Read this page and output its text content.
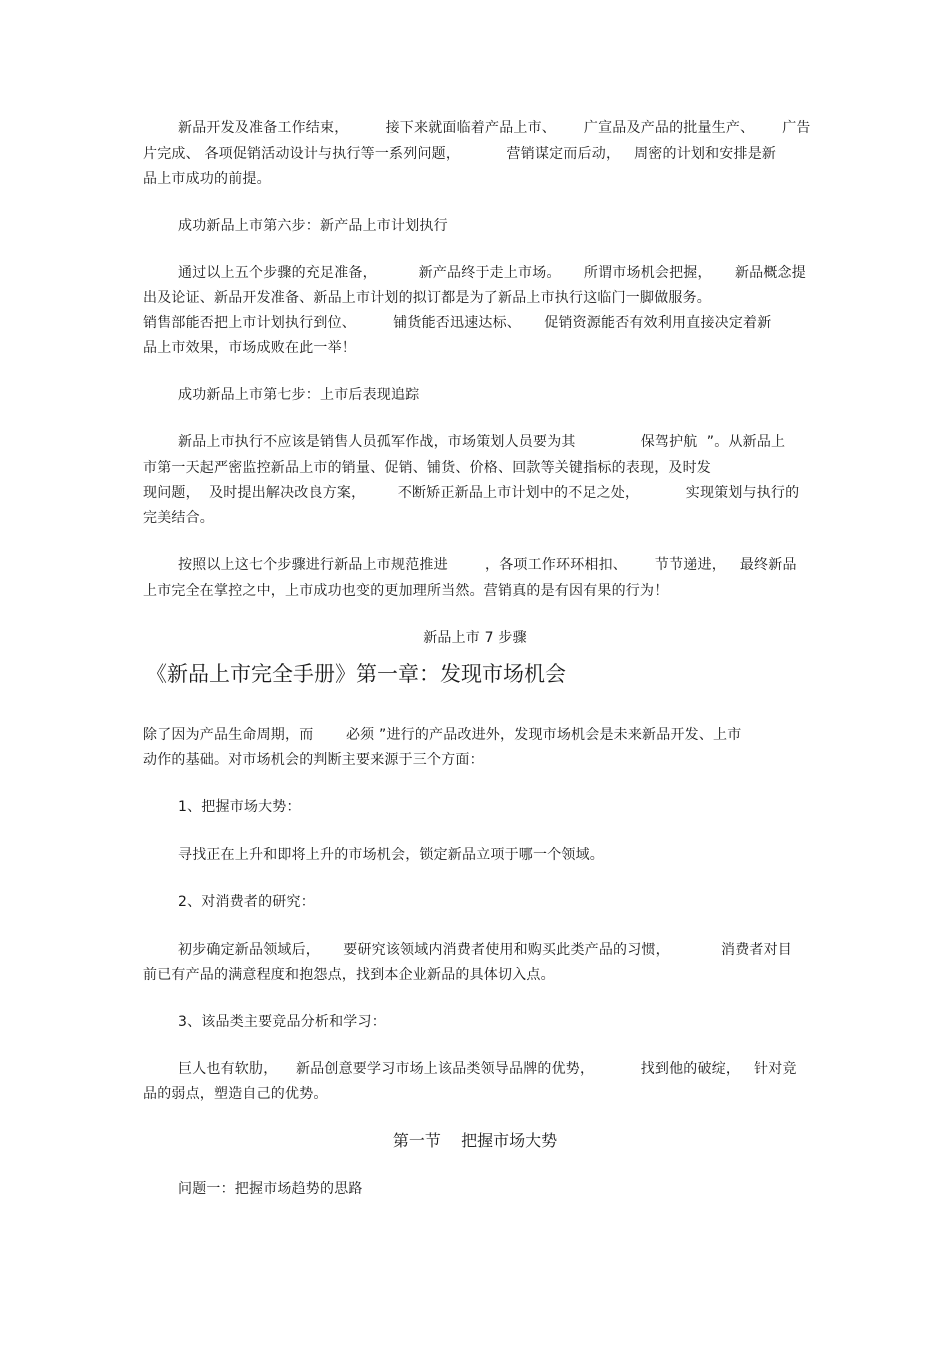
新品开发及准备工作结束，        接下来就面临着产品上市、      广宣品及产品的批量生产、      广告

片完成、 各项促销活动设计与执行等一系列问题，          营销谋定而后动，   周密的计划和安排是新

品上市成功的前提。

成功新品上市第六步：新产品上市计划执行

通过以上五个步骤的充足准备，         新产品终于走上市场。     所谓市场机会把握，     新品概念提

出及论证、新品开发准备、新品上市计划的拟订都是为了新品上市执行这临门一脚做服务。

销售部能否把上市计划执行到位、        铺货能否迅速达标、     促销资源能否有效利用直接决定着新

品上市效果，市场成败在此一举！

成功新品上市第七步：上市后表现追踪

新品上市执行不应该是销售人员孤军作战，市场策划人员要为其              保驾护航  ”。从新品上

市第一天起严密监控新品上市的销量、促销、铺货、价格、回款等关键指标的表现，及时发

现问题，  及时提出解决改良方案，       不断矫正新品上市计划中的不足之处，          实现策划与执行的

完美结合。

按照以上这七个步骤进行新品上市规范推进        ，各项工作环环相扣、      节节递进，   最终新品

上市完全在掌控之中，上市成功也变的更加理所当然。营销真的是有因有果的行为！

新品上市 7 步骤

《新品上市完全手册》第一章：发现市场机会

除了因为产品生命周期，而       必须 ”进行的产品改进外，发现市场机会是未来新品开发、上市

动作的基础。对市场机会的判断主要来源于三个方面：

1、把握市场大势：

寻找正在上升和即将上升的市场机会，锁定新品立项于哪一个领域。

2、对消费者的研究：

初步确定新品领域后，     要研究该领域内消费者使用和购买此类产品的习惯，           消费者对目

前已有产品的满意程度和抱怨点，找到本企业新品的具体切入点。

3、该品类主要竞品分析和学习：

巨人也有软肋，    新品创意要学习市场上该品类领导品牌的优势，          找到他的破绽，   针对竞

品的弱点，塑造自己的优势。

第一节    把握市场大势

问题一：把握市场趋势的思路
